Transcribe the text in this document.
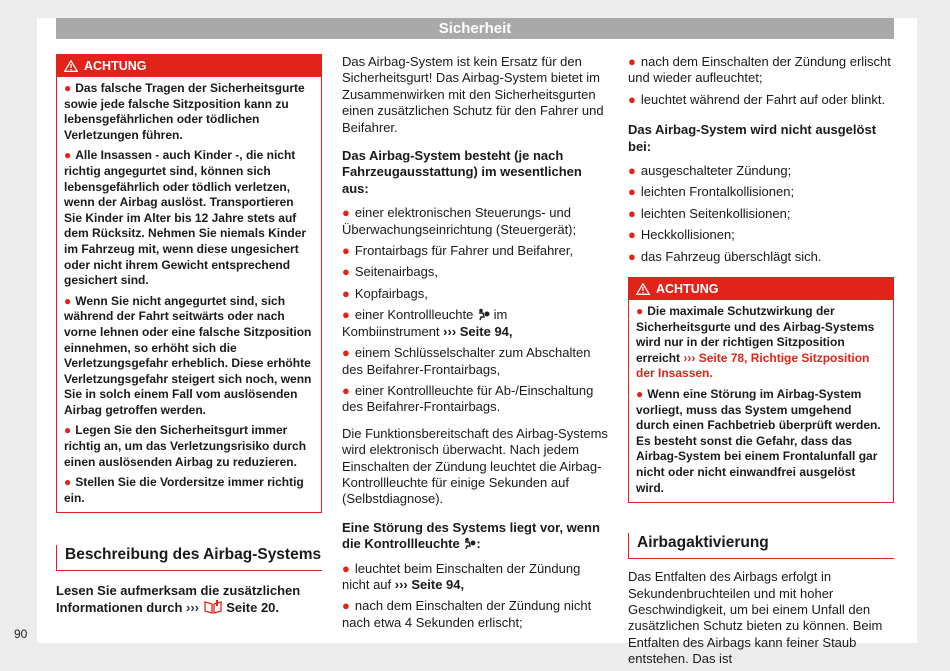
Sicherheit
ACHTUNG

● Das falsche Tragen der Sicherheitsgurte sowie jede falsche Sitzposition kann zu lebensgefährlichen oder tödlichen Verletzungen führen.

● Alle Insassen - auch Kinder -, die nicht richtig angegurtet sind, können sich lebensgefährlich oder tödlich verletzen, wenn der Airbag auslöst. Transportieren Sie Kinder im Alter bis 12 Jahre stets auf dem Rücksitz. Nehmen Sie niemals Kinder im Fahrzeug mit, wenn diese ungesichert oder nicht ihrem Gewicht entsprechend gesichert sind.

● Wenn Sie nicht angegurtet sind, sich während der Fahrt seitwärts oder nach vorne lehnen oder eine falsche Sitzposition einnehmen, so erhöht sich die Verletzungsgefahr erheblich. Diese erhöhte Verletzungsgefahr steigert sich noch, wenn Sie in solch einem Fall vom auslösenden Airbag getroffen werden.

● Legen Sie den Sicherheitsgurt immer richtig an, um das Verletzungsrisiko durch einen auslösenden Airbag zu reduzieren.

● Stellen Sie die Vordersitze immer richtig ein.

Beschreibung des Airbag-Systems

Lesen Sie aufmerksam die zusätzlichen Informationen durch ››› Seite 20.

Das Airbag-System ist kein Ersatz für den Sicherheitsgurt! Das Airbag-System bietet im Zusammenwirken mit den Sicherheitsgurten einen zusätzlichen Schutz für den Fahrer und Beifahrer.

Das Airbag-System besteht (je nach Fahrzeugausstattung) im wesentlichen aus:

● einer elektronischen Steuerungs- und Überwachungseinrichtung (Steuergerät);

● Frontairbags für Fahrer und Beifahrer,

● Seitenairbags,

● Kopfairbags,

● einer Kontrollleuchte im Kombiinstrument ››› Seite 94,

● einem Schlüsselschalter zum Abschalten des Beifahrer-Frontairbags,

● einer Kontrollleuchte für Ab-/Einschaltung des Beifahrer-Frontairbags.

Die Funktionsbereitschaft des Airbag-Systems wird elektronisch überwacht. Nach jedem Einschalten der Zündung leuchtet die Airbag-Kontrollleuchte für einige Sekunden auf (Selbstdiagnose).

Eine Störung des Systems liegt vor, wenn die Kontrollleuchte :

● leuchtet beim Einschalten der Zündung nicht auf ››› Seite 94,

● nach dem Einschalten der Zündung nicht nach etwa 4 Sekunden erlischt;

● nach dem Einschalten der Zündung erlischt und wieder aufleuchtet;

● leuchtet während der Fahrt auf oder blinkt.

Das Airbag-System wird nicht ausgelöst bei:

● ausgeschalteter Zündung;

● leichten Frontalkollisionen;

● leichten Seitenkollisionen;

● Heckkollisionen;

● das Fahrzeug überschlägt sich.

ACHTUNG

● Die maximale Schutzwirkung der Sicherheitsgurte und des Airbag-Systems wird nur in der richtigen Sitzposition erreicht ››› Seite 78, Richtige Sitzposition der Insassen.

● Wenn eine Störung im Airbag-System vorliegt, muss das System umgehend durch einen Fachbetrieb überprüft werden. Es besteht sonst die Gefahr, dass das Airbag-System bei einem Frontalunfall gar nicht oder nicht einwandfrei ausgelöst wird.

Airbagaktivierung

Das Entfalten des Airbags erfolgt in Sekundenbruchteilen und mit hoher Geschwindigkeit, um bei einem Unfall den zusätzlichen Schutz bieten zu können. Beim Entfalten des Airbags kann feiner Staub entstehen. Das ist

90
